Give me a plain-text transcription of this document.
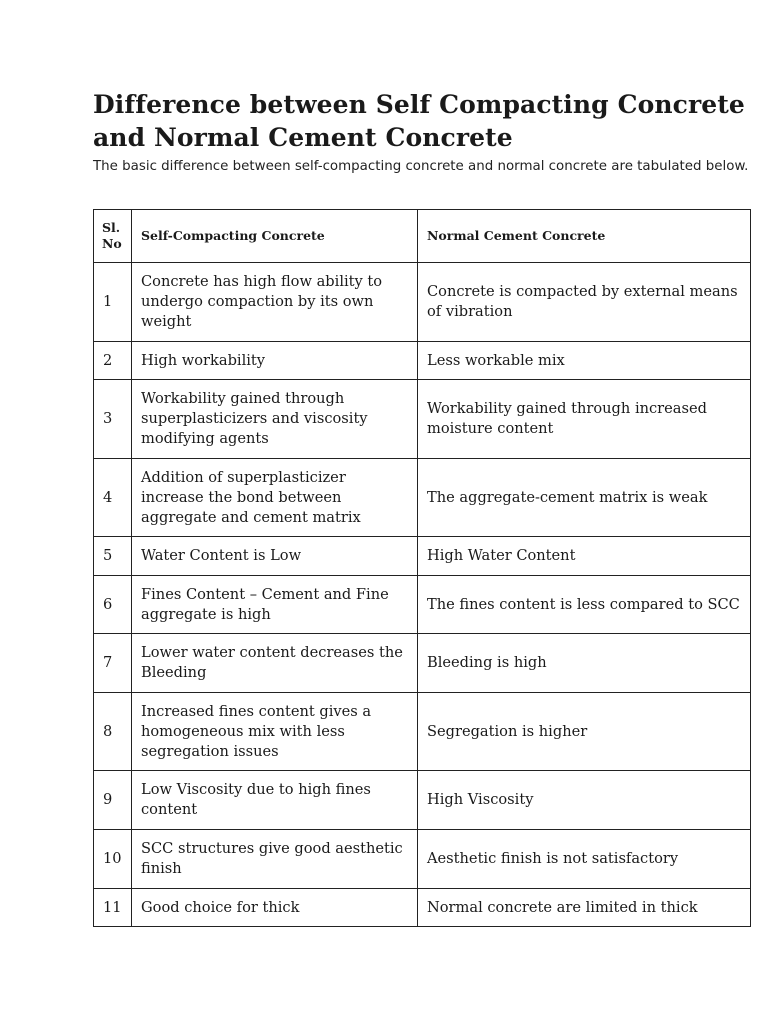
Difference between Self Compacting Concrete and Normal Cement Concrete

The basic difference between self-compacting concrete and normal concrete are tabulated below.

Sl. No	Self-Compacting Concrete	Normal Cement Concrete
1	Concrete has high flow ability to undergo compaction by its own weight	Concrete is compacted by external means of vibration
2	High workability	Less workable mix
3	Workability gained through superplasticizers and viscosity modifying agents	Workability gained through increased moisture content
4	Addition of superplasticizer increase the bond between aggregate and cement matrix	The aggregate-cement matrix is weak
5	Water Content is Low	High Water Content
6	Fines Content – Cement and Fine aggregate is high	The fines content is less compared to SCC
7	Lower water content decreases the Bleeding	Bleeding is high
8	Increased fines content gives a homogeneous mix with less segregation issues	Segregation is higher
9	Low Viscosity due to high fines content	High Viscosity
10	SCC structures give good aesthetic finish	Aesthetic finish is not satisfactory
11	Good choice for thick	Normal concrete are limited in thick
